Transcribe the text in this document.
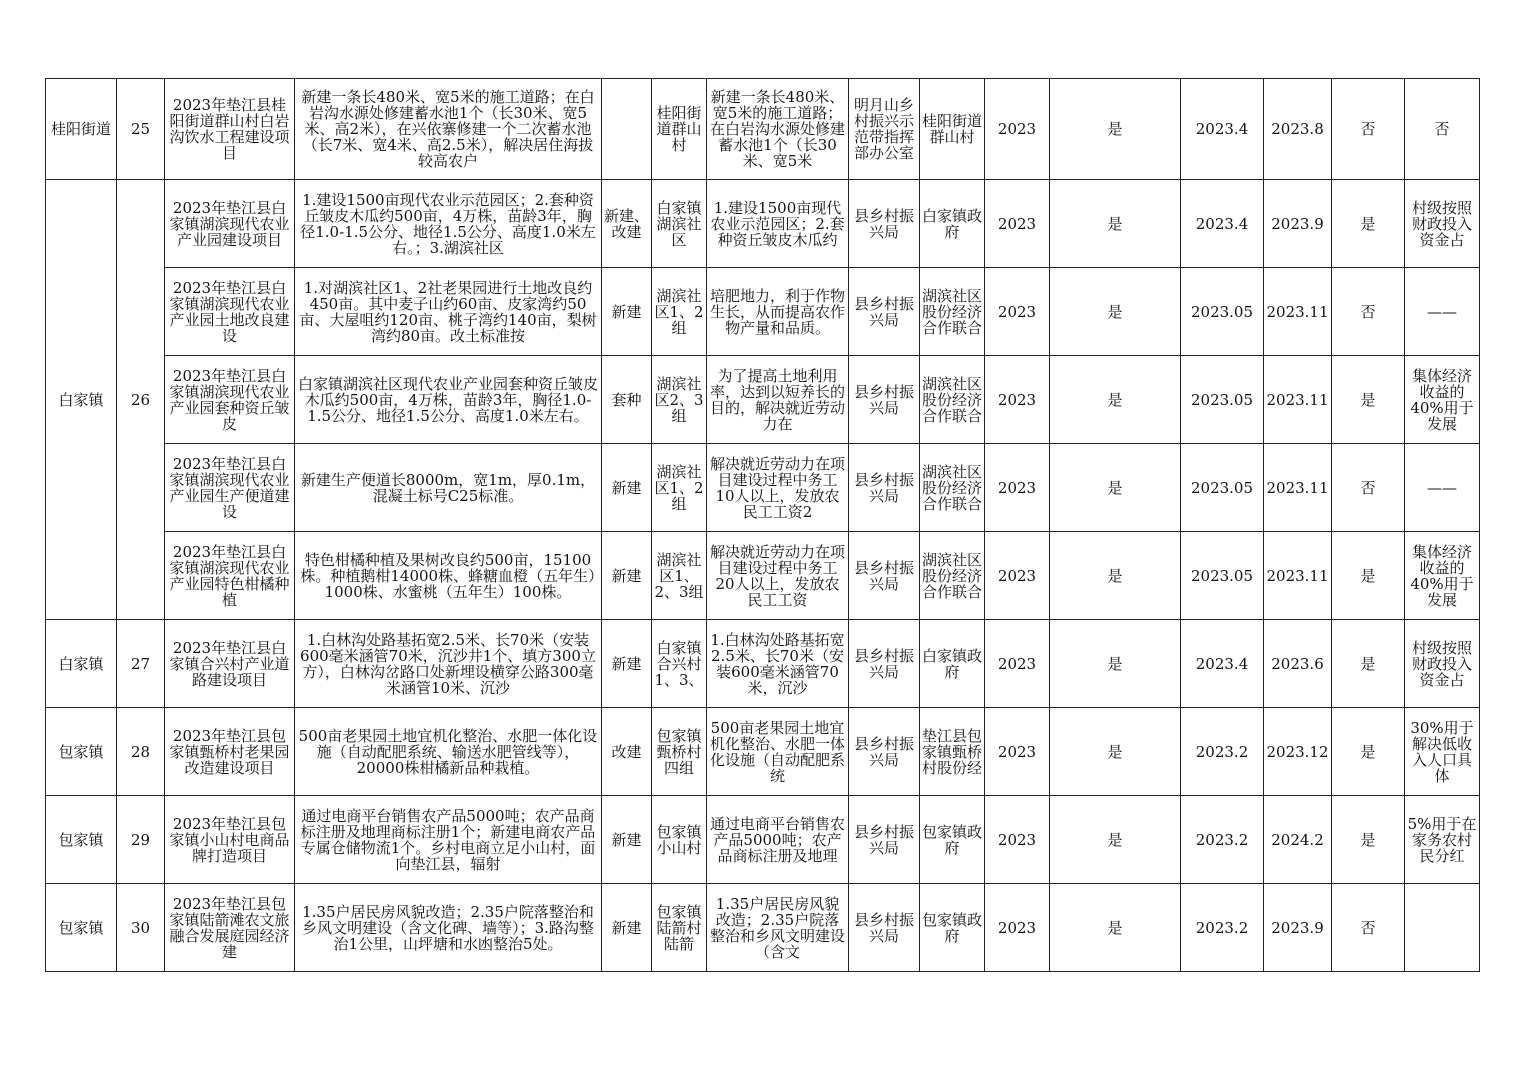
桂阳街道	25	2023年垫江县桂阳街道群山村白岩沟饮水工程建设项目	新建一条长480米、宽5米的施工道路；在白岩沟水源处修建蓄水池1个（长30米、宽5米、高2米），在兴依寨修建一个二次蓄水池（长7米、宽4米、高2.5米），解决居住海拔较高农户		桂阳街道群山村	新建一条长480米、宽5米的施工道路；在白岩沟水源处修建蓄水池1个（长30米、宽5米	明月山乡村振兴示范带指挥部办公室	桂阳街道群山村	2023	是	2023.4	2023.8	否	否
白家镇	26	2023年垫江县白家镇湖滨现代农业产业园建设项目	1.建设1500亩现代农业示范园区；2.套种资丘皱皮木瓜约500亩，4万株，苗龄3年，胸径1.0-1.5公分、地径1.5公分、高度1.0米左右。；3.湖滨社区	新建、改建	白家镇湖滨社区	1.建设1500亩现代农业示范园区；2.套种资丘皱皮木瓜约	县乡村振兴局	白家镇政府	2023	是	2023.4	2023.9	是	村级按照财政投入资金占

		2023年垫江县白家镇湖滨现代农业产业园土地改良建设	1.对湖滨社区1、2社老果园进行土地改良约450亩。其中麦子山约60亩、皮家湾约50亩、大屋咀约120亩、桃子湾约140亩，梨树湾约80亩。改土标准按	新建	湖滨社区1、2组	培肥地力，利于作物生长，从而提高农作物产量和品质。	县乡村振兴局	湖滨社区股份经济合作联合	2023	是	2023.05	2023.11	否	——

		2023年垫江县白家镇湖滨现代农业产业园套种资丘皱皮	白家镇湖滨社区现代农业产业园套种资丘皱皮木瓜约500亩，4万株，苗龄3年，胸径1.0-1.5公分、地径1.5公分、高度1.0米左右。	套种	湖滨社区2、3组	为了提高土地利用率，达到以短养长的目的，解决就近劳动力在	县乡村振兴局	湖滨社区股份经济合作联合	2023	是	2023.05	2023.11	是	集体经济收益的40%用于发展

		2023年垫江县白家镇湖滨现代农业产业园生产便道建设	新建生产便道长8000m，宽1m，厚0.1m，混凝土标号C25标准。	新建	湖滨社区1、2组	解决就近劳动力在项目建设过程中务工10人以上，发放农民工工资2	县乡村振兴局	湖滨社区股份经济合作联合	2023	是	2023.05	2023.11	否	——

		2023年垫江县白家镇湖滨现代农业产业园特色柑橘种植	特色柑橘种植及果树改良约500亩，15100株。种植鹅柑14000株、蜂糖血橙（五年生）1000株、水蜜桃（五年生）100株。	新建	湖滨社区1、2、3组	解决就近劳动力在项目建设过程中务工20人以上，发放农民工工资	县乡村振兴局	湖滨社区股份经济合作联合	2023	是	2023.05	2023.11	是	集体经济收益的40%用于发展

白家镇	27	2023年垫江县白家镇合兴村产业道路建设项目	1.白林沟处路基拓宽2.5米、长70米（安装600毫米涵管70米，沉沙井1个、填方300立方），白林沟岔路口处新埋设横穿公路300毫米涵管10米、沉沙	新建	白家镇合兴村1、3、	1.白林沟处路基拓宽2.5米、长70米（安装600毫米涵管70米，沉沙	县乡村振兴局	白家镇政府	2023	是	2023.4	2023.6	是	村级按照财政投入资金占

包家镇	28	2023年垫江县包家镇甄桥村老果园改造建设项目	500亩老果园土地宜机化整治、水肥一体化设施（自动配肥系统、输送水肥管线等），20000株柑橘新品种栽植。	改建	包家镇甄桥村四组	500亩老果园土地宜机化整治、水肥一体化设施（自动配肥系统	县乡村振兴局	垫江县包家镇甄桥村股份经	2023	是	2023.2	2023.12	是	30%用于解决低收入人口具体

包家镇	29	2023年垫江县包家镇小山村电商品牌打造项目	通过电商平台销售农产品5000吨；农产品商标注册及地理商标注册1个；新建电商农产品专属仓储物流1个。乡村电商立足小山村，面向垫江县，辐射	新建	包家镇小山村	通过电商平台销售农产品5000吨；农产品商标注册及地理	县乡村振兴局	包家镇政府	2023	是	2023.2	2024.2	是	5%用于在家务农村民分红

包家镇	30	2023年垫江县包家镇陆箭滩农文旅融合发展庭园经济建	1.35户居民房风貌改造；2.35户院落整治和乡风文明建设（含文化碑、墙等）；3.路沟整治1公里，山坪塘和水凼整治5处。	新建	包家镇陆箭村陆箭	1.35户居民房风貌改造；2.35户院落整治和乡风文明建设（含文	县乡村振兴局	包家镇政府	2023	是	2023.2	2023.9	否	
